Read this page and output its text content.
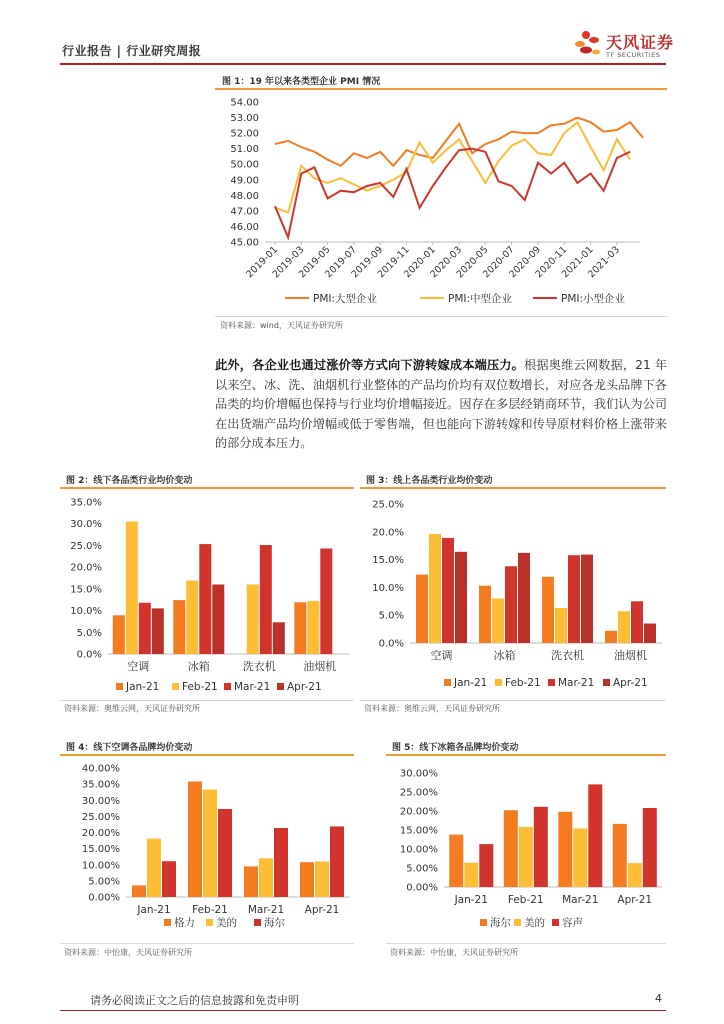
行业报告 | 行业研究周报	天风证券
TF SECURITIES
图 1：19 年以来各类型企业 PMI 情况
54.00
53.00
52.00
51.00
50.00
49.00
48.00
47.00
46.00
45.00
2019-01
2019-03
2019-05
2019-07
2019-09
2019-11
2020-01
2020-03
2020-05
2020-07
2020-09
2020-11
2021-01
2021-03
PMI:大型企业	PMI:中型企业	PMI:小型企业
资料来源：wind，天风证券研究所
此外，各企业也通过涨价等方式向下游转嫁成本端压力。根据奥维云网数据，21 年以来空、冰、洗、油烟机行业整体的产品均价均有双位数增长，对应各龙头品牌下各品类的均价增幅也保持与行业均价增幅接近。因存在多层经销商环节，我们认为公司在出货端产品均价增幅或低于零售端，但也能向下游转嫁和传导原材料价格上涨带来的部分成本压力。
图 2：线下各品类行业均价变动
35.0%
30.0%
25.0%
20.0%
15.0%
10.0%
5.0%
0.0%
空调	冰箱	洗衣机	油烟机
Jan-21 Feb-21 Mar-21 Apr-21
资料来源：奥维云网，天风证券研究所
图 3：线上各品类行业均价变动
25.0%
20.0%
15.0%
10.0%
5.0%
0.0%
空调	冰箱	洗衣机	油烟机
Jan-21 Feb-21 Mar-21 Apr-21
资料来源：奥维云网，天风证券研究所
图 4：线下空调各品牌均价变动
40.00%
35.00%
30.00%
25.00%
20.00%
15.00%
10.00%
5.00%
0.00%
Jan-21 Feb-21 Mar-21 Apr-21
格力 美的	海尔
资料来源：中怡康，天风证券研究所
图 5：线下冰箱各品牌均价变动
30.00%
25.00%
20.00%
15.00%
10.00%
5.00%
0.00%
Jan-21 Feb-21 Mar-21 Apr-21
海尔 美的 容声
资料来源：中怡康，天风证券研究所
请务必阅读正文之后的信息披露和免责申明	4
